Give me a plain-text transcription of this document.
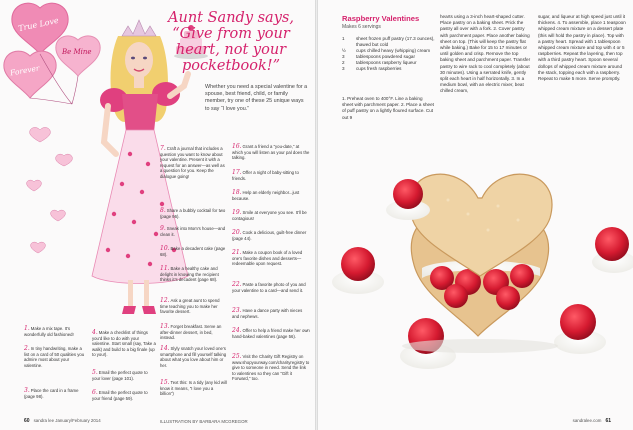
True Love
Be Mine
Forever
Aunt Sandy says, “Give from your heart, not your pocketbook!”
Whether you need a special valentine for a spouse, best friend, child, or family member, try one of these 25 unique ways to say “I love you.”
16.Grant a friend a “you-date,” at which you will listen as your pal does the talking.
17.Offer a night of baby-sitting to friends.
18.Help an elderly neighbor...just because.
19.Smile at everyone you see. It’ll be contagious!
20.Cook a delicious, guilt-free dinner (page 44).
21.Make a coupon book of a loved one’s favorite dishes and desserts—redeemable upon request.
22.Paste a favorite photo of you and your valentine to a card—and send it.
23.Have a dance party with nieces and nephews.
24.Offer to help a friend make her own hand-baked valentines (page 56).
25.Visit the Charity Gift Registry on www.shopyourway.com/charityregistry to give to someone in need. Send the link to valentines so they can “Gift it Forward,” too.
7.Craft a journal that includes a question you want to know about your valentine. Present it with a request for an answer—as well as a question for you. Keep the dialogue going!
8.Share a bubbly cocktail for two (page 96).
9.Sneak into Mom’s house—and clean it.
10.Bake a decadent cake (page 68).
11.Bake a healthy cake and delight in knowing the recipient thinks it’s decadent (page 68).
12.Ask a great aunt to spend time teaching you to make her favorite dessert.
13.Forget breakfast. Serve an after-dinner dessert, in bed, instead.
14.Slyly snatch your loved one’s smartphone and fill yourself talking about what you love about him or her.
15.Text this: Is a tidy (any kid will know it means, “I love you a billion”)
1.Make a mix tape. It’s wonderfully old fashioned!
2.In tiny handwriting, make a list on a card of 50 qualities you admire most about your valentine.
3.Place the card in a frame (page 98).
4.Make a checklist of things you’d like to do with your valentine. Start small (say, Take a walk) and build to a big finale (up to you!).
5.Email the perfect quote to your lover (page 101).
6.Email the perfect quote to your friend (page 59).
60 sandra lee January/February 2014	ILLUSTRATION BY BARBARA MCGREGOR
Raspberry Valentines
Makes 6 servings
1	sheet frozen puff pastry (17.3 ounces), thawed but cold
½	cups chilled heavy (whipping) cream
3	tablespoons powdered sugar
2	tablespoons raspberry liqueur
3	cups fresh raspberries
1. Preheat oven to 400°F. Line a baking sheet with parchment paper. 2. Place a sheet of puff pastry on a lightly floured surface. Cut out 9
hearts using a 3-inch heart-shaped cutter. Place pastry on a baking sheet. Prick the pastry all over with a fork. 2. Cover pastry with parchment paper. Place another baking sheet on top. (This will keep the pastry flat while baking.) Bake for 15 to 17 minutes or until golden and crisp. Remove the top baking sheet and parchment paper. Transfer pastry to wire rack to cool completely (about 30 minutes). Using a serrated knife, gently split each heart in half horizontally. 3. In a medium bowl, with an electric mixer, beat chilled cream,
sugar, and liqueur at high speed just until it thickens. 4. To assemble, place 1 teaspoon whipped cream mixture on a dessert plate (this will hold the pastry in place). Top with a pastry heart. Spread with 1 tablespoon whipped cream mixture and top with 4 or 5 raspberries. Repeat the layering, then top with a third pastry heart. Spoon several dollops of whipped cream mixture around the stack, topping each with a raspberry. Repeat to make 5 more. Serve promptly.
sandralee.com 61
